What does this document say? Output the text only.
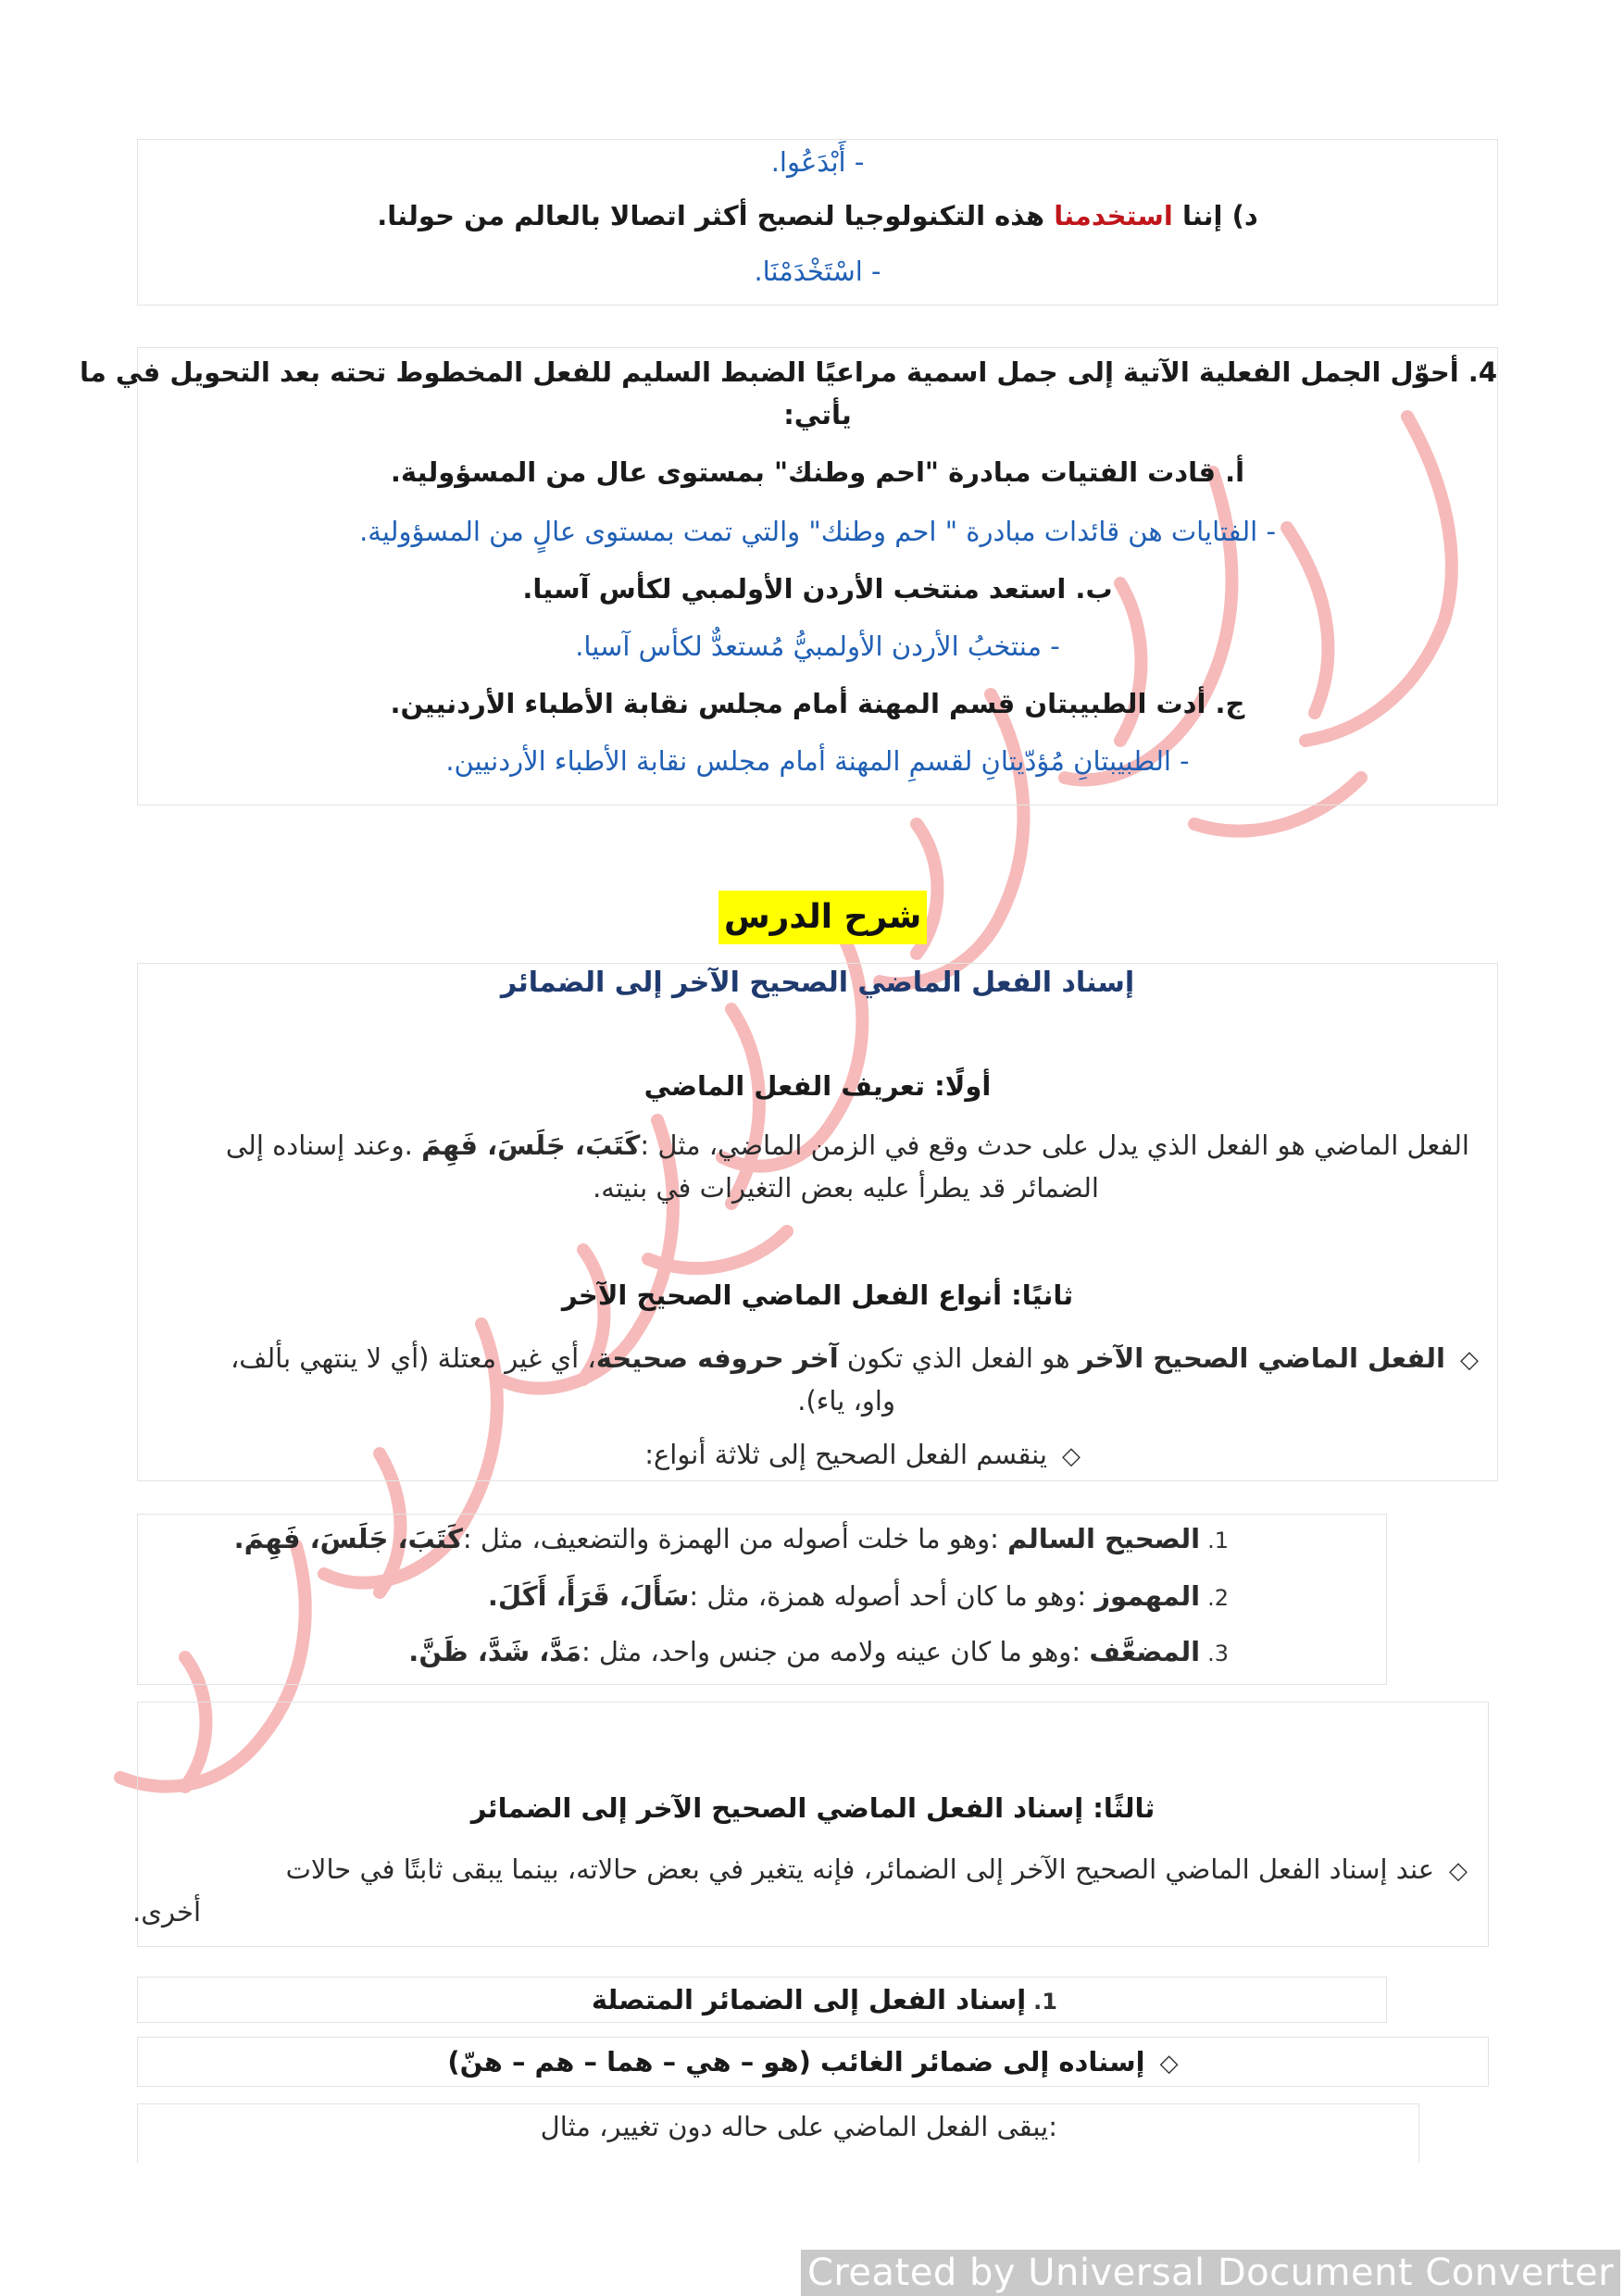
- أَبْدَعُوا.
د) إننا استخدمنا هذه التكنولوجيا لنصبح أكثر اتصالا بالعالم من حولنا.
- اسْتَخْدَمْنَا.
4. أحوّل الجمل الفعلية الآتية إلى جمل اسمية مراعيًا الضبط السليم للفعل المخطوط تحته بعد التحويل في ما
يأتي:
أ. قادت الفتيات مبادرة "احم وطنك" بمستوى عال من المسؤولية.
- الفتايات هن قائدات مبادرة " احم وطنك" والتي تمت بمستوى عالٍ من المسؤولية.
ب. استعد منتخب الأردن الأولمبي لكأس آسيا.
- منتخبُ الأردن الأولمبيُّ مُستعدٌّ لكأس آسيا.
ج. أدت الطبيبتان قسم المهنة أمام مجلس نقابة الأطباء الأردنيين.
- الطبيبتانِ مُؤدّيتانِ لقسمِ المهنة أمام مجلس نقابة الأطباء الأردنيين.
شرح الدرس
إسناد الفعل الماضي الصحيح الآخر إلى الضمائر
أولًا: تعريف الفعل الماضي
الفعل الماضي هو الفعل الذي يدل على حدث وقع في الزمن الماضي، مثل :كَتَبَ، جَلَسَ، فَهِمَ .وعند إسناده إلى
الضمائر قد يطرأ عليه بعض التغيرات في بنيته.
ثانيًا: أنواع الفعل الماضي الصحيح الآخر
◇الفعل الماضي الصحيح الآخر هو الفعل الذي تكون آخر حروفه صحيحة، أي غير معتلة (أي لا ينتهي بألف،
واو، ياء).
◇ينقسم الفعل الصحيح إلى ثلاثة أنواع:
1.الصحيح السالم :وهو ما خلت أصوله من الهمزة والتضعيف، مثل :كَتَبَ، جَلَسَ، فَهِمَ.
2.المهموز :وهو ما كان أحد أصوله همزة، مثل :سَأَلَ، قَرَأَ، أَكَلَ.
3.المضعَّف :وهو ما كان عينه ولامه من جنس واحد، مثل :مَدَّ، شَدَّ، ظَنَّ.
ثالثًا: إسناد الفعل الماضي الصحيح الآخر إلى الضمائر
◇عند إسناد الفعل الماضي الصحيح الآخر إلى الضمائر، فإنه يتغير في بعض حالاته، بينما يبقى ثابتًا في حالات
أخرى.
1.إسناد الفعل إلى الضمائر المتصلة
◇إسناده إلى ضمائر الغائب (هو – هي – هما – هم – هنّ)
:يبقى الفعل الماضي على حاله دون تغيير، مثال
Created by Universal Document Converter
